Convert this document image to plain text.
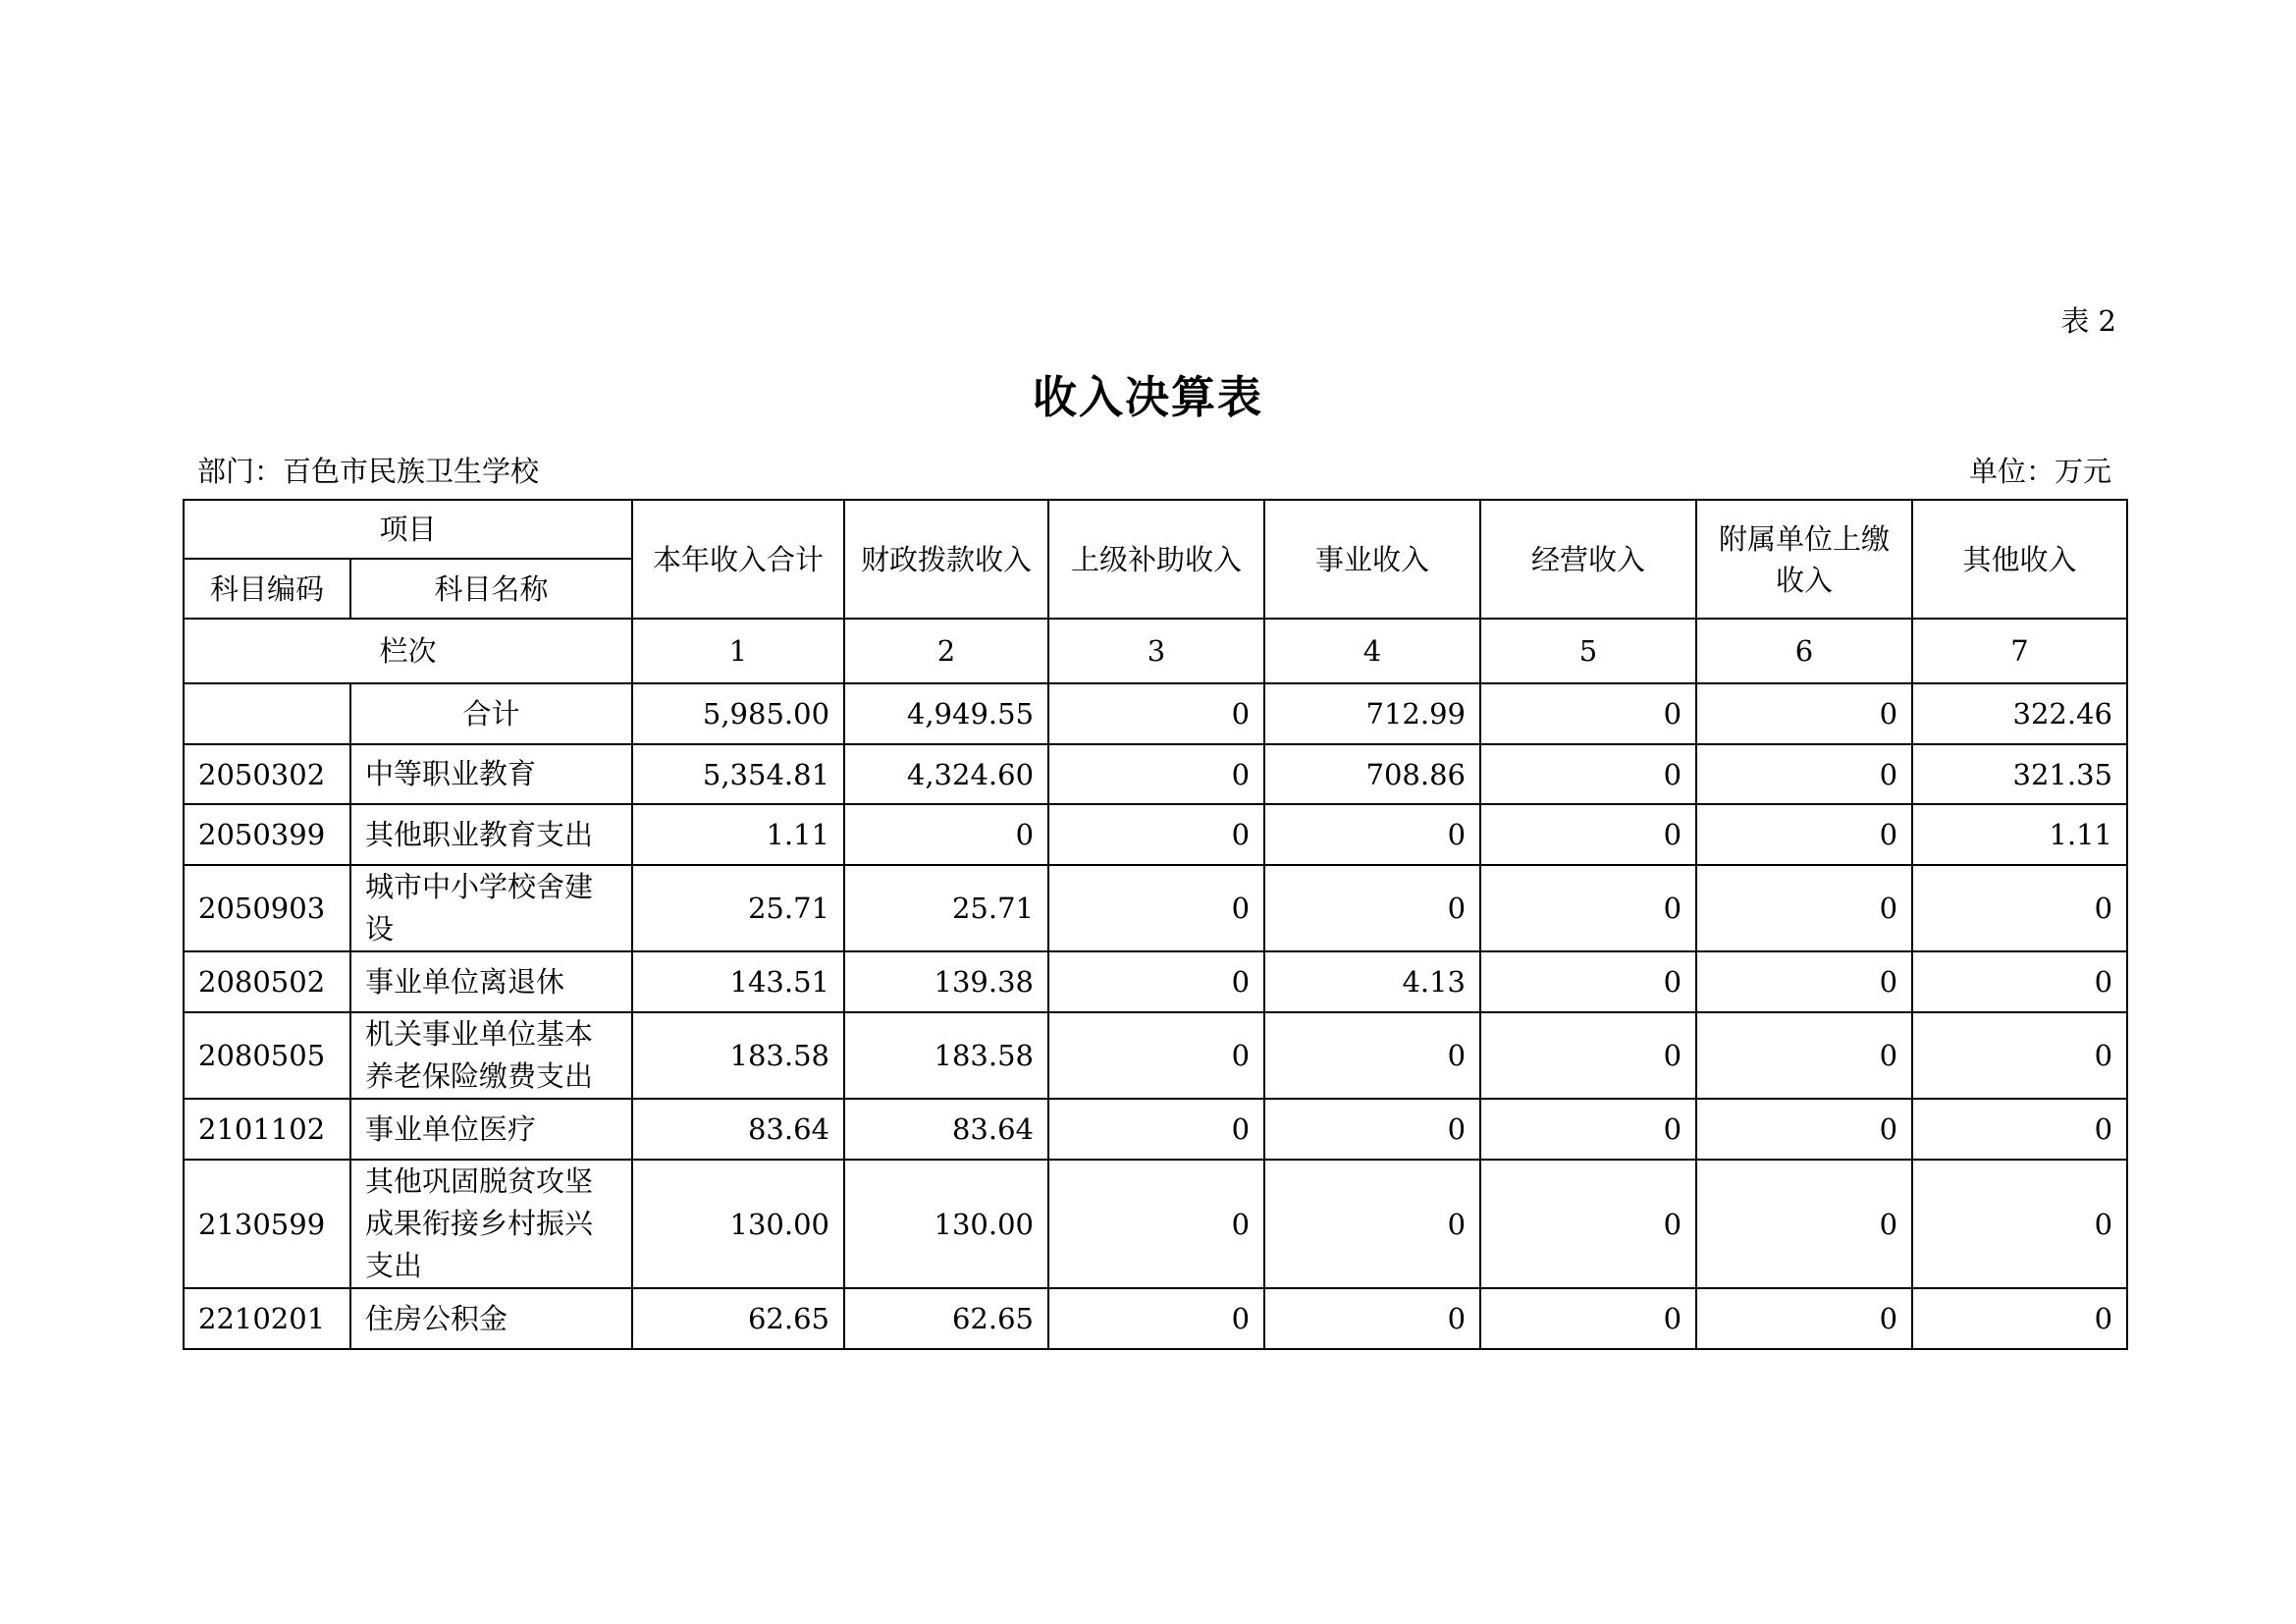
表 2
收入决算表
部门：百色市民族卫生学校	单位：万元
项目		本年收入合计	财政拨款收入	上级补助收入	事业收入	经营收入	附属单位上缴收入	其他收入
科目编码	科目名称							
栏次		1	2	3	4	5	6	7
	合计	5,985.00	4,949.55	0	712.99	0	0	322.46
2050302	中等职业教育	5,354.81	4,324.60	0	708.86	0	0	321.35
2050399	其他职业教育支出	1.11	0	0	0	0	0	1.11
2050903	城市中小学校舍建设	25.71	25.71	0	0	0	0	0
2080502	事业单位离退休	143.51	139.38	0	4.13	0	0	0
2080505	机关事业单位基本养老保险缴费支出	183.58	183.58	0	0	0	0	0
2101102	事业单位医疗	83.64	83.64	0	0	0	0	0
2130599	其他巩固脱贫攻坚成果衔接乡村振兴支出	130.00	130.00	0	0	0	0	0
2210201	住房公积金	62.65	62.65	0	0	0	0	0
